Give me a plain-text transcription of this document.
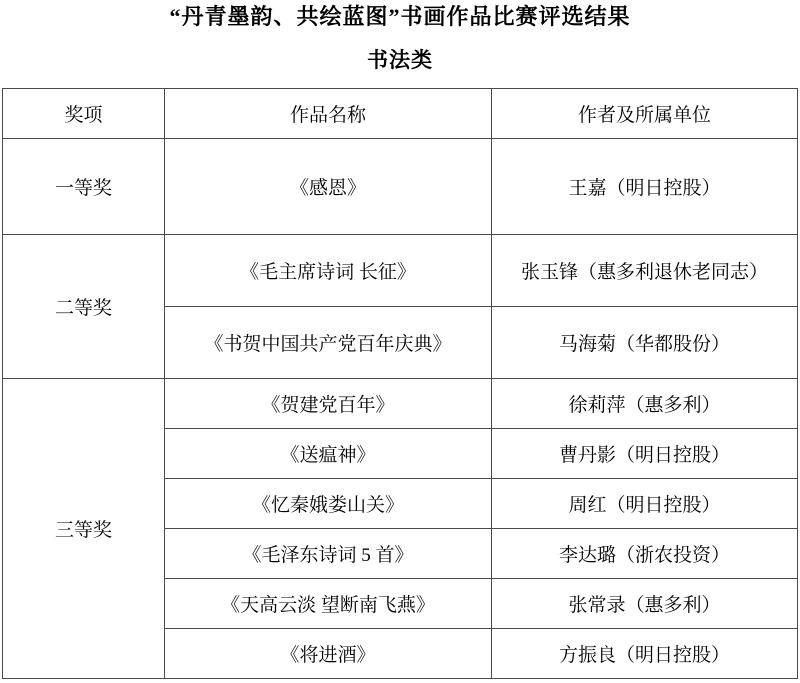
“丹青墨韵、共绘蓝图”书画作品比赛评选结果
书法类
奖项	作品名称	作者及所属单位
一等奖	《感恩》	王嘉（明日控股）
二等奖	《毛主席诗词 长征》	张玉锋（惠多利退休老同志）
	《书贺中国共产党百年庆典》	马海菊（华都股份）
三等奖	《贺建党百年》	徐莉萍（惠多利）
	《送瘟神》	曹丹影（明日控股）
	《忆秦娥娄山关》	周红（明日控股）
	《毛泽东诗词 5 首》	李达璐（浙农投资）
	《天高云淡 望断南飞燕》	张常录（惠多利）
	《将进酒》	方振良（明日控股）
